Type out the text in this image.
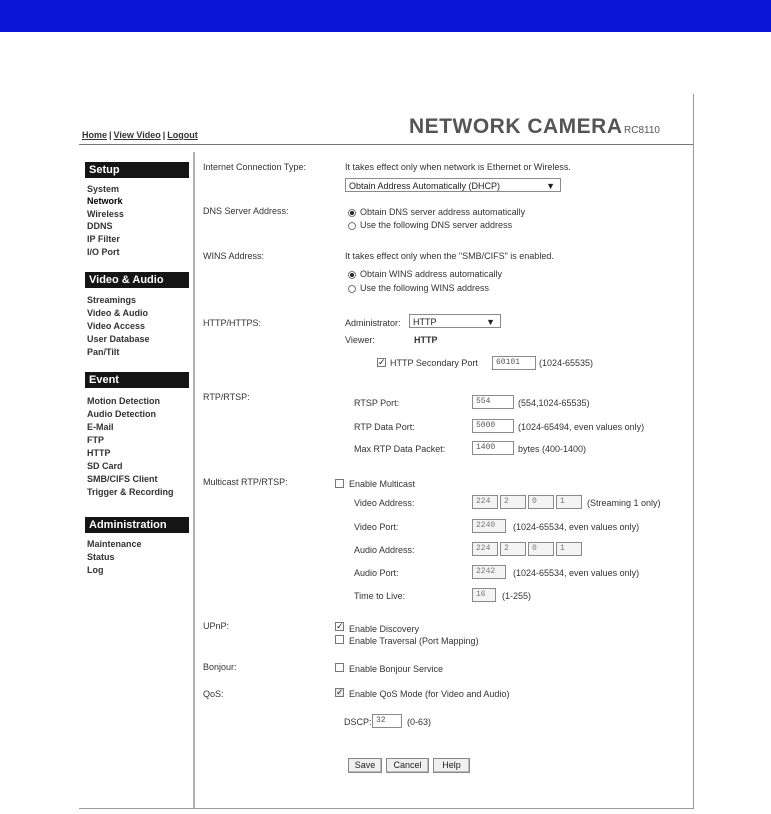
Home | View Video | Logout	NETWORK CAMERA RC8110
Setup
System
Network
Wireless
DDNS
IP Filter
I/O Port
Video & Audio
Streamings
Video & Audio
Video Access
User Database
Pan/Tilt
Event
Motion Detection
Audio Detection
E-Mail
FTP
HTTP
SD Card
SMB/CIFS Client
Trigger & Recording
Administration
Maintenance
Status
Log
Internet Connection Type:	It takes effect only when network is Ethernet or Wireless.
Obtain Address Automatically (DHCP)	▼
DNS Server Address:	Obtain DNS server address automatically
Use the following DNS server address
WINS Address:	It takes effect only when the "SMB/CIFS" is enabled.
Obtain WINS address automatically
Use the following WINS address
HTTP/HTTPS:	Administrator:	HTTP	▼
Viewer:	HTTP
✓ HTTP Secondary Port	60101	(1024-65535)
RTP/RTSP:
RTSP Port:	554	(554,1024-65535)
RTP Data Port:	5000	(1024-65494, even values only)
Max RTP Data Packet:	1400	bytes (400-1400)
Multicast RTP/RTSP:	Enable Multicast
Video Address:	224	2	0	1	(Streaming 1 only)
Video Port:	2240	(1024-65534, even values only)
Audio Address:	224	2	0	1
Audio Port:	2242	(1024-65534, even values only)
Time to Live:	16	(1-255)
UPnP:	✓ Enable Discovery
Enable Traversal (Port Mapping)
Bonjour:	Enable Bonjour Service
QoS:	✓ Enable QoS Mode (for Video and Audio)
DSCP: 32	(0-63)
Save	Cancel	Help
